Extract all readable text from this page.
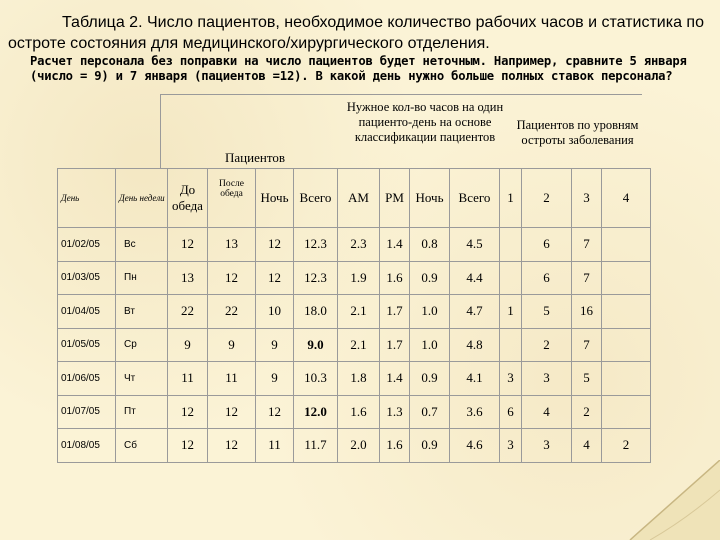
Таблица 2. Число пациентов, необходимое количество рабочих часов и статистика по остроте состояния для медицинского/хирургического отделения.
Расчет персонала без поправки на число пациентов будет неточным. Например, сравните 5 января (число = 9) и 7 января (пациентов =12). В какой день нужно больше полных ставок персонала?
Пациентов
Нужное кол-во часов на один пациенто-день на основе классификации пациентов
Пациентов по уровням остроты заболевания
День	День недели	До обеда	После обеда	Ночь	Всего	AM	PM	Ночь	Всего	1	2	3	4
01/02/05	Вс	12	13	12	12.3	2.3	1.4	0.8	4.5		6	7	
01/03/05	Пн	13	12	12	12.3	1.9	1.6	0.9	4.4		6	7	
01/04/05	Вт	22	22	10	18.0	2.1	1.7	1.0	4.7	1	5	16	
01/05/05	Ср	9	9	9	9.0	2.1	1.7	1.0	4.8		2	7	
01/06/05	Чт	11	11	9	10.3	1.8	1.4	0.9	4.1	3	3	5	
01/07/05	Пт	12	12	12	12.0	1.6	1.3	0.7	3.6	6	4	2	
01/08/05	Сб	12	12	11	11.7	2.0	1.6	0.9	4.6	3	3	4	2
